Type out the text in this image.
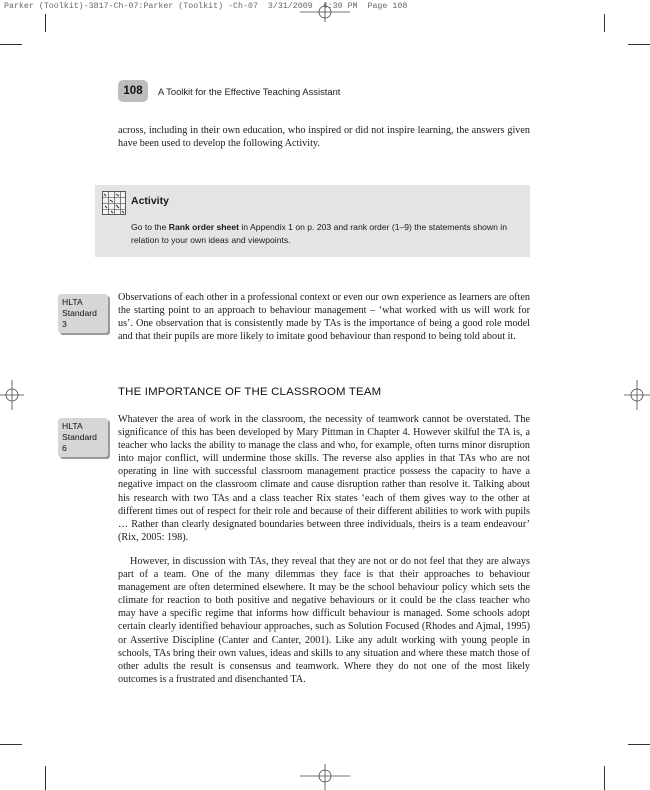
Parker (Toolkit)-3817-Ch-07:Parker (Toolkit) -Ch-07  3/31/2009  4:30 PM  Page 108
108	A Toolkit for the Effective Teaching Assistant

across, including in their own education, who inspired or did not inspire learning, the answers given have been used to develop the following Activity.

Activity

Go to the Rank order sheet in Appendix 1 on p. 203 and rank order (1–9) the statements shown in relation to your own ideas and viewpoints.

HLTA
Standard
3

Observations of each other in a professional context or even our own experience as learners are often the starting point to an approach to behaviour management – ‘what worked with us will work for us’. One observation that is consistently made by TAs is the importance of being a good role model and that their pupils are more likely to imitate good behaviour than respond to being told about it.

THE IMPORTANCE OF THE CLASSROOM TEAM
HLTA
Standard
6

Whatever the area of work in the classroom, the necessity of teamwork cannot be overstated. The significance of this has been developed by Mary Pittman in Chapter 4. However skilful the TA is, a teacher who lacks the ability to manage the class and who, for example, often turns minor disruption into major conflict, will undermine those skills. The reverse also applies in that TAs who are not operating in line with successful classroom management practice possess the capacity to have a negative impact on the classroom climate and cause disruption rather than resolve it. Talking about his research with two TAs and a class teacher Rix states ‘each of them gives way to the other at different times out of respect for their role and because of their different abilities to work with pupils … Rather than clearly designated boundaries between three individuals, theirs is a team endeavour’ (Rix, 2005: 198).

However, in discussion with TAs, they reveal that they are not or do not feel that they are always part of a team. One of the many dilemmas they face is that their approaches to behaviour management are often determined elsewhere. It may be the school behaviour policy which sets the climate for reaction to both positive and negative behaviours or it could be the class teacher who may have a specific regime that informs how difficult behaviour is managed. Some schools adopt certain clearly identified behaviour approaches, such as Solution Focused (Rhodes and Ajmal, 1995) or Assertive Discipline (Canter and Canter, 2001). Like any adult working with young people in schools, TAs bring their own values, ideas and skills to any situation and where these match those of other adults the result is consensus and teamwork. Where they do not one of the most likely outcomes is a frustrated and disenchanted TA.
